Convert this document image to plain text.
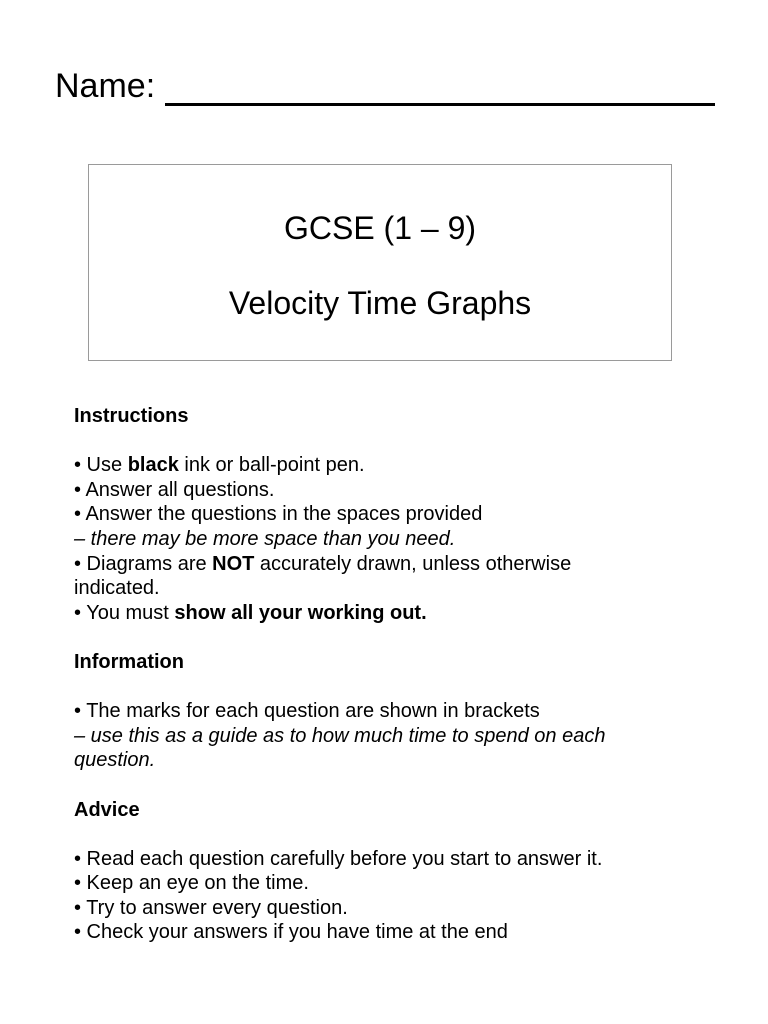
Name:
GCSE (1 – 9)
Velocity Time Graphs
Instructions
• Use black ink or ball-point pen.
• Answer all questions.
• Answer the questions in the spaces provided
– there may be more space than you need.
• Diagrams are NOT accurately drawn, unless otherwise
indicated.
• You must show all your working out.
Information
• The marks for each question are shown in brackets
– use this as a guide as to how much time to spend on each
question.
Advice
• Read each question carefully before you start to answer it.
• Keep an eye on the time.
• Try to answer every question.
• Check your answers if you have time at the end
